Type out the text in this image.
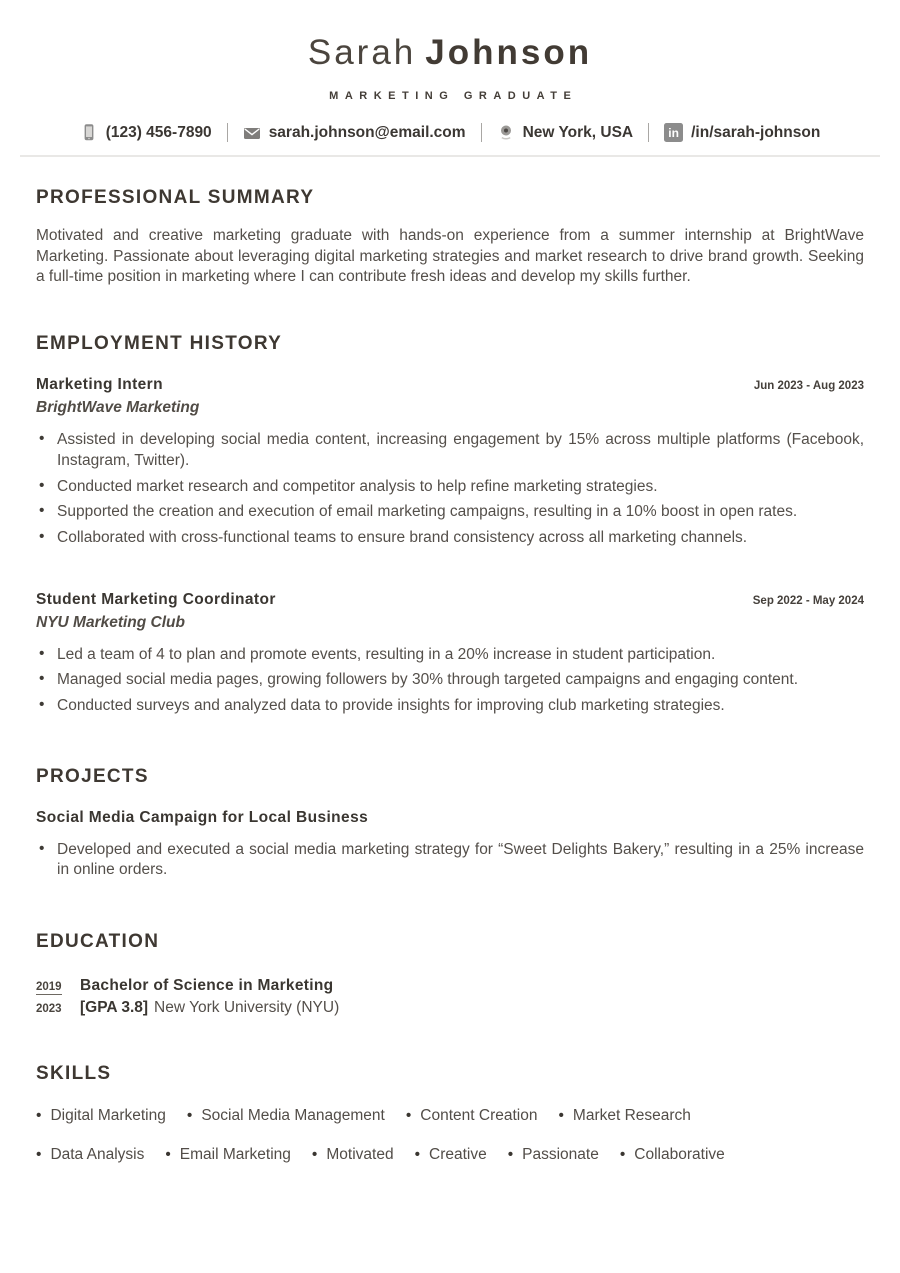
Sarah Johnson
MARKETING GRADUATE
(123) 456-7890	sarah.johnson@email.com	New York, USA	in /in/sarah-johnson
PROFESSIONAL SUMMARY

Motivated and creative marketing graduate with hands-on experience from a summer internship at BrightWave Marketing. Passionate about leveraging digital marketing strategies and market research to drive brand growth. Seeking a full-time position in marketing where I can contribute fresh ideas and develop my skills further.

EMPLOYMENT HISTORY
Marketing Intern	Jun 2023 - Aug 2023
BrightWave Marketing
• Assisted in developing social media content, increasing engagement by 15% across multiple platforms (Facebook, Instagram, Twitter).
• Conducted market research and competitor analysis to help refine marketing strategies.
• Supported the creation and execution of email marketing campaigns, resulting in a 10% boost in open rates.
• Collaborated with cross-functional teams to ensure brand consistency across all marketing channels.
Student Marketing Coordinator	Sep 2022 - May 2024
NYU Marketing Club
• Led a team of 4 to plan and promote events, resulting in a 20% increase in student participation.
• Managed social media pages, growing followers by 30% through targeted campaigns and engaging content.
• Conducted surveys and analyzed data to provide insights for improving club marketing strategies.
PROJECTS
Social Media Campaign for Local Business
• Developed and executed a social media marketing strategy for “Sweet Delights Bakery,” resulting in a 25% increase in online orders.
EDUCATION
2019 Bachelor of Science in Marketing
2023 [GPA 3.8] New York University (NYU)
SKILLS
• Digital Marketing	• Social Media Management	• Content Creation	• Market Research
• Data Analysis	• Email Marketing	• Motivated	• Creative	• Passionate	• Collaborative
